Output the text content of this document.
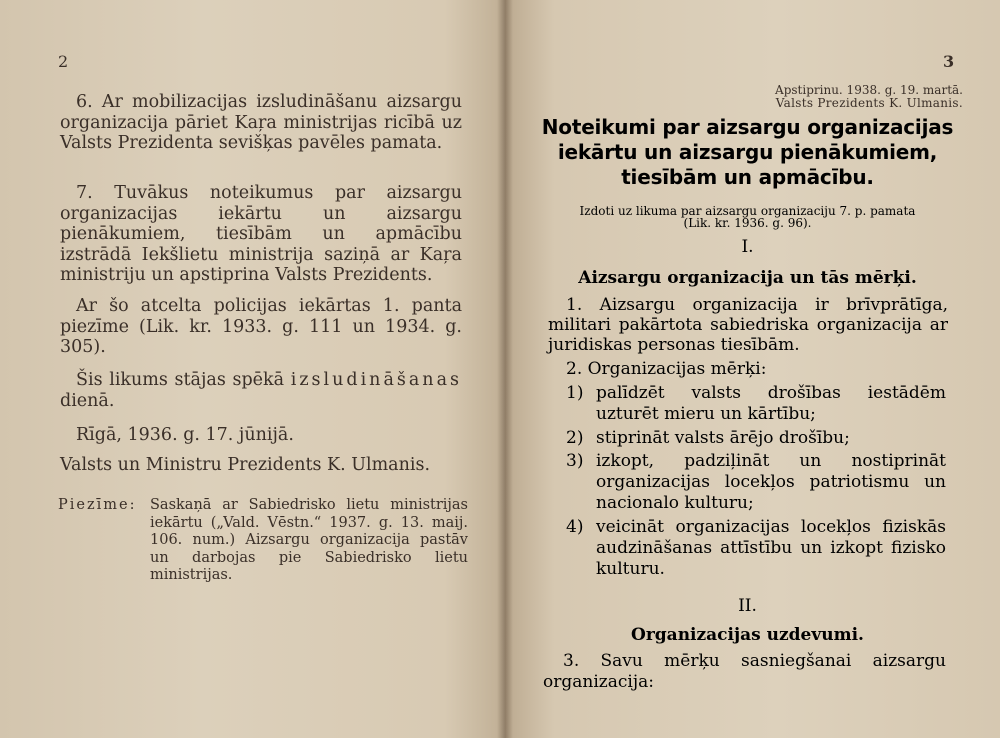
2
6. Ar mobilizacijas izsludināšanu aizsargu organizacija pāriet Kaŗa ministrijas ricībā uz Valsts Prezidenta sevišķas pavēles pamata.
7. Tuvākus noteikumus par aizsargu organizacijas iekārtu un aizsargu pienākumiem, tiesībām un apmācību izstrādā Iekšlietu ministrija saziņā ar Kaŗa ministriju un apstiprina Valsts Prezidents.
Ar šo atcelta policijas iekārtas 1. panta piezīme (Lik. kr. 1933. g. 111 un 1934. g. 305).
Šis likums stājas spēkā izsludināšanas dienā.
Rīgā, 1936. g. 17. jūnijā.
Valsts un Ministru Prezidents K. Ulmanis.
Piezīme: Saskaņā ar Sabiedrisko lietu ministrijas iekārtu („Vald. Vēstn.“ 1937. g. 13. maij. 106. num.) Aizsargu organizacija pastāv un darbojas pie Sabiedrisko lietu ministrijas.
3
Apstiprinu. 1938. g. 19. martā.
Valsts Prezidents K. Ulmanis.
Noteikumi par aizsargu organizacijas iekārtu un aizsargu pienākumiem, tiesībām un apmācību.
Izdoti uz likuma par aizsargu organizaciju 7. p. pamata
(Lik. kr. 1936. g. 96).
I.
Aizsargu organizacija un tās mērķi.
1. Aizsargu organizacija ir brīvprātīga, militari pakārtota sabiedriska organizacija ar juridiskas personas tiesībām.
2. Organizacijas mērķi:
1) palīdzēt valsts drošības iestādēm uzturēt mieru un kārtību;
2) stiprināt valsts ārējo drošību;
3) izkopt, padziļināt un nostiprināt organizacijas locekļos patriotismu un nacionalo kulturu;
4) veicināt organizacijas locekļos fiziskās audzināšanas attīstību un izkopt fizisko kulturu.
II.
Organizacijas uzdevumi.
3. Savu mērķu sasniegšanai aizsargu organizacija:
